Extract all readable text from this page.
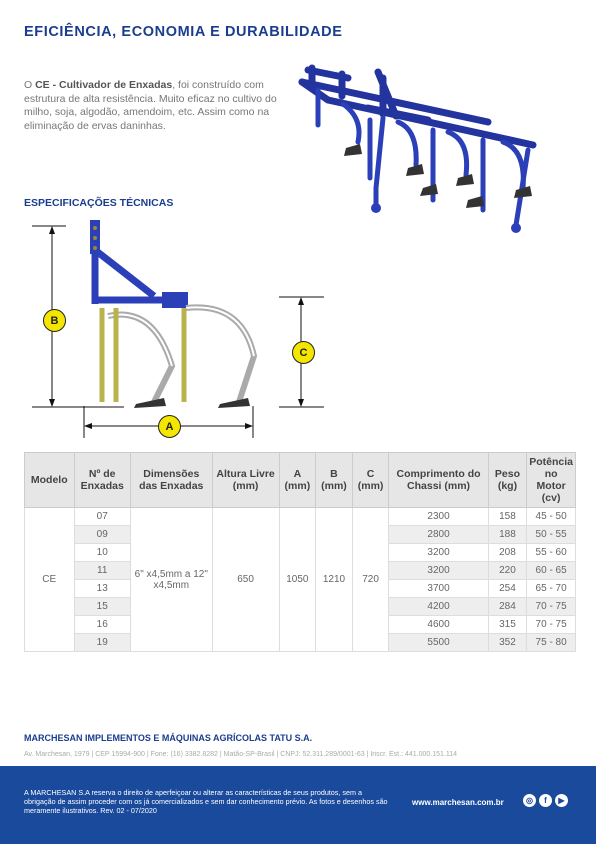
EFICIÊNCIA, ECONOMIA E DURABILIDADE
O CE - Cultivador de Enxadas, foi construído com estrutura de alta resistência. Muito eficaz no cultivo do milho, soja, algodão, amendoim, etc. Assim como na eliminação de ervas daninhas.
ESPECIFICAÇÕES TÉCNICAS
B
C
A
Modelo	Nº de Enxadas	Dimensões das Enxadas	Altura Livre (mm)	A (mm)	B (mm)	C (mm)	Comprimento do Chassi (mm)	Peso (kg)	Potência no Motor (cv)
CE	07	6" x4,5mm a 12" x4,5mm	650	1050	1210	720	2300	158	45 - 50
	09						2800	188	50 - 55
	10						3200	208	55 - 60
	11						3200	220	60 - 65
	13						3700	254	65 - 70
	15						4200	284	70 - 75
	16						4600	315	70 - 75
	19						5500	352	75 - 80
MARCHESAN IMPLEMENTOS E MÁQUINAS AGRÍCOLAS TATU S.A.
Av. Marchesan, 1979 | CEP 15994-900 | Fone: (16) 3382.8282 | Matão-SP-Brasil | CNPJ: 52.311.289/0001-63 | Inscr. Est.: 441.000.151.114
A MARCHESAN S.A reserva o direito de aperfeiçoar ou alterar as características de seus produtos, sem a obrigação de assim proceder com os já comercializados e sem dar conhecimento prévio. As fotos e desenhos são meramente ilustrativos. Rev. 02 - 07/2020
www.marchesan.com.br	◎	f	▶
